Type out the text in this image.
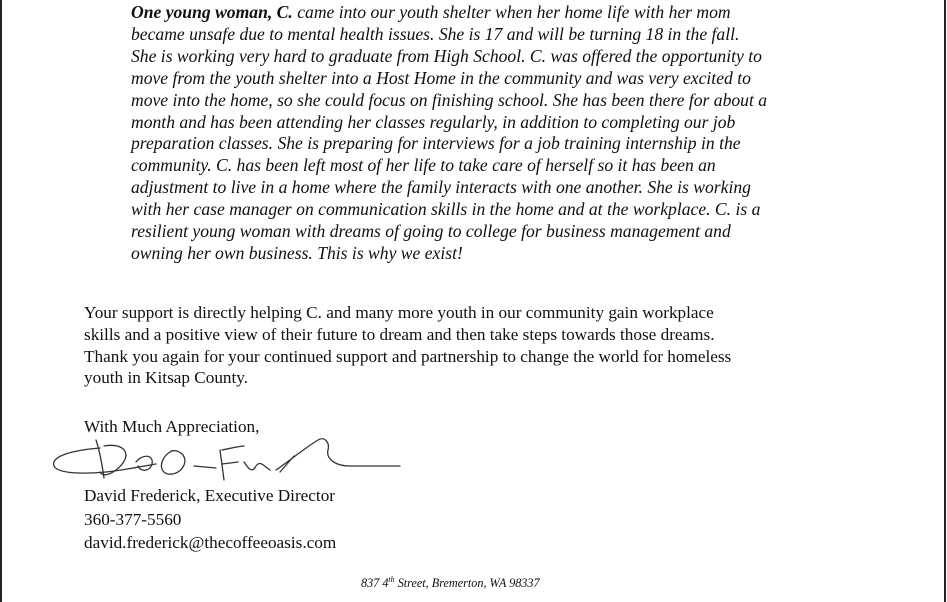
One young woman, C. came into our youth shelter when her home life with her mom
became unsafe due to mental health issues. She is 17 and will be turning 18 in the fall.
She is working very hard to graduate from High School. C. was offered the opportunity to
move from the youth shelter into a Host Home in the community and was very excited to
move into the home, so she could focus on finishing school. She has been there for about a
month and has been attending her classes regularly, in addition to completing our job
preparation classes. She is preparing for interviews for a job training internship in the
community. C. has been left most of her life to take care of herself so it has been an
adjustment to live in a home where the family interacts with one another. She is working
with her case manager on communication skills in the home and at the workplace. C. is a
resilient young woman with dreams of going to college for business management and
owning her own business. This is why we exist!

Your support is directly helping C. and many more youth in our community gain workplace
skills and a positive view of their future to dream and then take steps towards those dreams.
Thank you again for your continued support and partnership to change the world for homeless
youth in Kitsap County.

With Much Appreciation,

David Frederick, Executive Director
360-377-5560
david.frederick@thecoffeeoasis.com

837 4th Street, Bremerton, WA 98337
